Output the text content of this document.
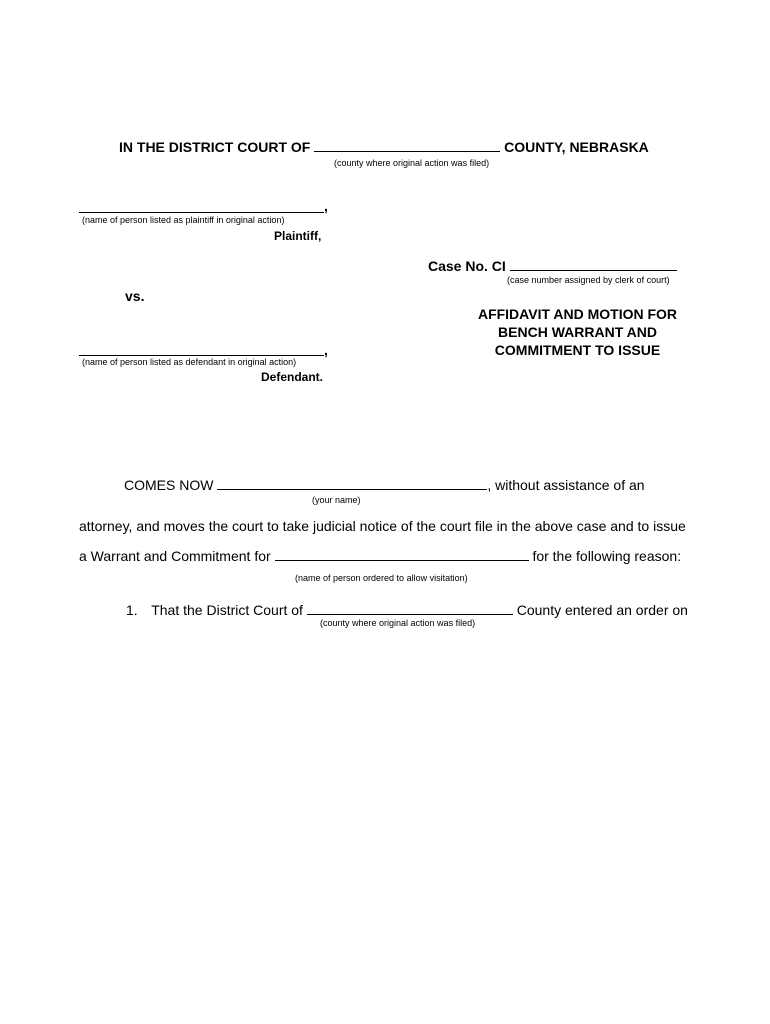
IN THE DISTRICT COURT OF	COUNTY, NEBRASKA
(county where original action was filed)
,
(name of person listed as plaintiff in original action)
Plaintiff,
Case No. CI
(case number assigned by clerk of court)
vs.
AFFIDAVIT AND MOTION FOR
BENCH WARRANT AND
COMMITMENT TO ISSUE
,
(name of person listed as defendant in original action)
Defendant.
COMES NOW	, without assistance of an
(your name)
attorney, and moves the court to take judicial notice of the court file in the above case and to issue
a Warrant and Commitment for	for the following reason:
(name of person ordered to allow visitation)
1. That the District Court of	County entered an order on
(county where original action was filed)
